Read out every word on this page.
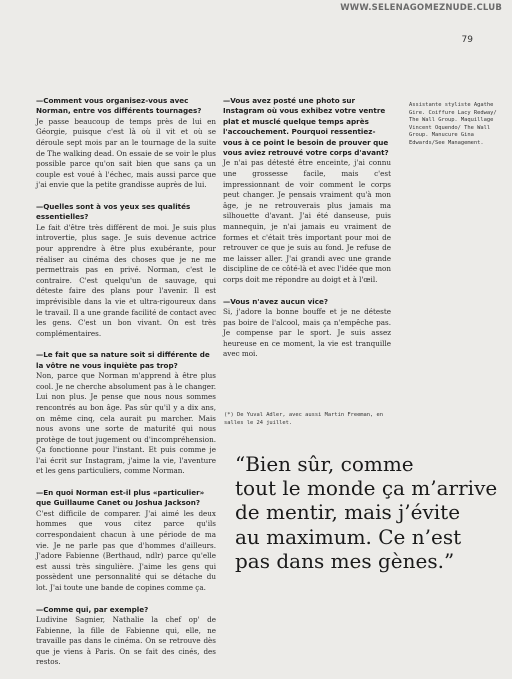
WWW.SELENAGOMEZNUDE.CLUB
79

—Comment vous organisez-vous avec Norman, entre vos différents tournages?

Je passe beaucoup de temps près de lui en Géorgie, puisque c'est là où il vit et où se déroule sept mois par an le tournage de la suite de The walking dead. On essaie de se voir le plus possible parce qu'on sait bien que sans ça un couple est voué à l'échec, mais aussi parce que j'ai envie que la petite grandisse auprès de lui.

—Quelles sont à vos yeux ses qualités essentielles?

Le fait d'être très différent de moi. Je suis plus introvertie, plus sage. Je suis devenue actrice pour apprendre à être plus exubérante, pour réaliser au cinéma des choses que je ne me permettrais pas en privé. Norman, c'est le contraire. C'est quelqu'un de sauvage, qui déteste faire des plans pour l'avenir. Il est imprévisible dans la vie et ultra-rigoureux dans le travail. Il a une grande facilité de contact avec les gens. C'est un bon vivant. On est très complémentaires.

—Le fait que sa nature soit si différente de la vôtre ne vous inquiète pas trop?

Non, parce que Norman m'apprend à être plus cool. Je ne cherche absolument pas à le changer. Lui non plus. Je pense que nous nous sommes rencontrés au bon âge. Pas sûr qu'il y a dix ans, on même cinq, cela aurait pu marcher. Mais nous avons une sorte de maturité qui nous protège de tout jugement ou d'incompréhension. Ça fonctionne pour l'instant. Et puis comme je l'ai écrit sur Instagram, j'aime la vie, l'aventure et les gens particuliers, comme Norman.

—En quoi Norman est-il plus «particulier» que Guillaume Canet ou Joshua Jackson?

C'est difficile de comparer. J'ai aimé les deux hommes que vous citez parce qu'ils correspondaient chacun à une période de ma vie. Je ne parle pas que d'hommes d'ailleurs. J'adore Fabienne (Berthaud, ndlr) parce qu'elle est aussi très singulière. J'aime les gens qui possèdent une personnalité qui se détache du lot. J'ai toute une bande de copines comme ça.

—Comme qui, par exemple?

Ludivine Sagnier, Nathalie la chef op' de Fabienne, la fille de Fabienne qui, elle, ne travaille pas dans le cinéma. On se retrouve dès que je viens à Paris. On se fait des cinés, des restos.

—Vous avez posté une photo sur Instagram où vous exhibez votre ventre plat et musclé quelque temps après l'accouchement. Pourquoi ressentiez-vous à ce point le besoin de prouver que vous aviez retrouvé votre corps d'avant?

Je n'ai pas détesté être enceinte, j'ai connu une grossesse facile, mais c'est impressionnant de voir comment le corps peut changer. Je pensais vraiment qu'à mon âge, je ne retrouverais plus jamais ma silhouette d'avant. J'ai été danseuse, puis mannequin, je n'ai jamais eu vraiment de formes et c'était très important pour moi de retrouver ce que je suis au fond. Je refuse de me laisser aller. J'ai grandi avec une grande discipline de ce côté-là et avec l'idée que mon corps doit me répondre au doigt et à l'œil.

—Vous n'avez aucun vice?

Si, j'adore la bonne bouffe et je ne déteste pas boire de l'alcool, mais ça n'empêche pas. Je compense par le sport. Je suis assez heureuse en ce moment, la vie est tranquille avec moi.

Assistante styliste Agathe Gire. Coiffure Lacy Redway/ The Wall Group. Maquillage Vincent Oquendo/ The Wall Group. Manucure Gina Edwards/See Management.
(*) De Yuval Adler, avec aussi Martin Freeman, en salles le 24 juillet.
“Bien sûr, comme
tout le monde ça m’arrive
de mentir, mais j’évite
au maximum. Ce n’est
pas dans mes gènes.”
